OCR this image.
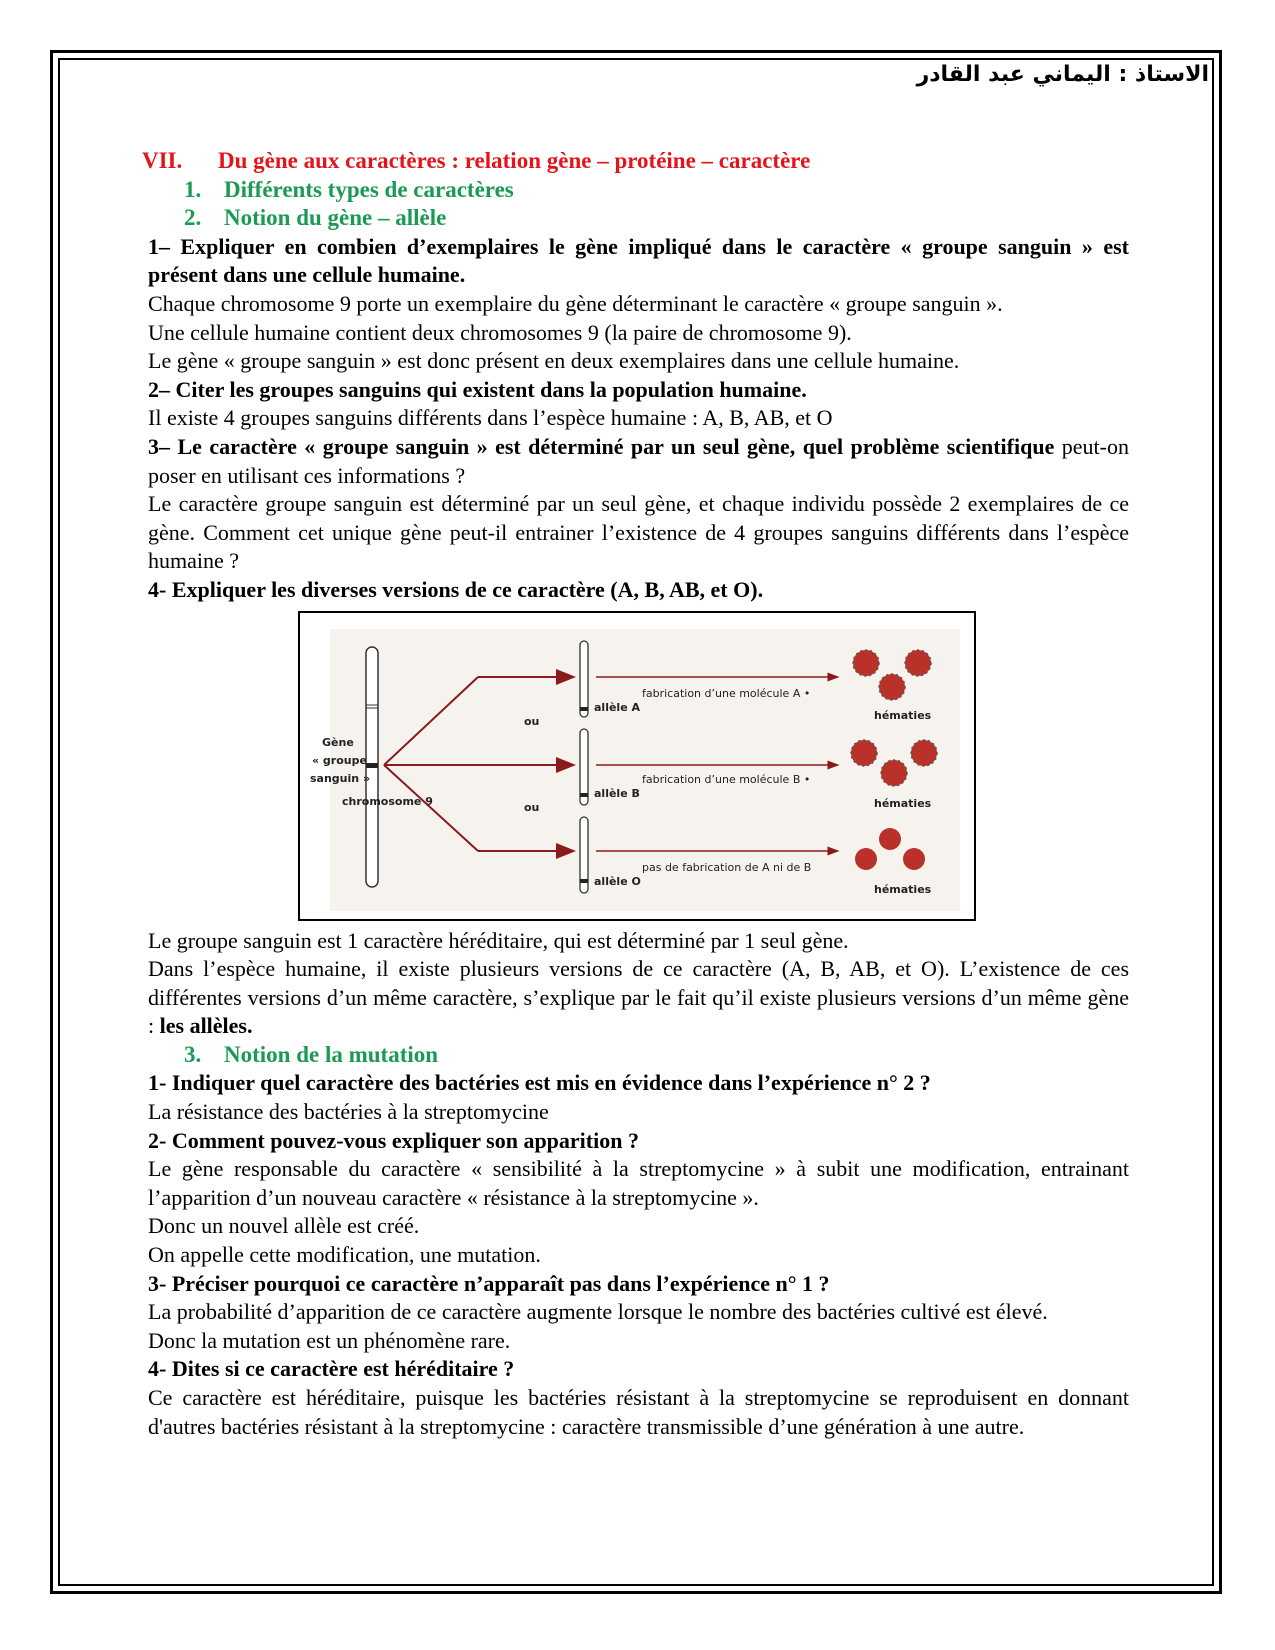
الاستاذ : اليماني عبد القادر

VII. Du gène aux caractères : relation gène – protéine – caractère

1. Différents types de caractères

2. Notion du gène – allèle

1– Expliquer en combien d’exemplaires le gène impliqué dans le caractère « groupe sanguin » est présent dans une cellule humaine.

Chaque chromosome 9 porte un exemplaire du gène déterminant le caractère « groupe sanguin ».

Une cellule humaine contient deux chromosomes 9 (la paire de chromosome 9).

Le gène « groupe sanguin » est donc présent en deux exemplaires dans une cellule humaine.

2– Citer les groupes sanguins qui existent dans la population humaine.

Il existe 4 groupes sanguins différents dans l’espèce humaine : A, B, AB, et O

3– Le caractère « groupe sanguin » est déterminé par un seul gène, quel problème scientifique peut-on poser en utilisant ces informations ?

Le caractère groupe sanguin est déterminé par un seul gène, et chaque individu possède 2 exemplaires de ce gène. Comment cet unique gène peut-il entrainer l’existence de 4 groupes sanguins différents dans l’espèce humaine ?

4- Expliquer les diverses versions de ce caractère (A, B, AB, et O).

Gène
« groupe
sanguin »
chromosome 9
ou
ou
allèle A
allèle B
allèle O
fabrication d’une molécule A •
fabrication d’une molécule B •
pas de fabrication de A ni de B
hématies
hématies
hématies

Le groupe sanguin est 1 caractère héréditaire, qui est déterminé par 1 seul gène.

Dans l’espèce humaine, il existe plusieurs versions de ce caractère (A, B, AB, et O). L’existence de ces différentes versions d’un même caractère, s’explique par le fait qu’il existe plusieurs versions d’un même gène : les allèles.

3. Notion de la mutation

1- Indiquer quel caractère des bactéries est mis en évidence dans l’expérience n° 2 ?

La résistance des bactéries à la streptomycine

2- Comment pouvez-vous expliquer son apparition ?

Le gène responsable du caractère « sensibilité à la streptomycine » à subit une modification, entrainant l’apparition d’un nouveau caractère « résistance à la streptomycine ».

Donc un nouvel allèle est créé.

On appelle cette modification, une mutation.

3- Préciser pourquoi ce caractère n’apparaît pas dans l’expérience n° 1 ?

La probabilité d’apparition de ce caractère augmente lorsque le nombre des bactéries cultivé est élevé.

Donc la mutation est un phénomène rare.

4- Dites si ce caractère est héréditaire ?

Ce caractère est héréditaire, puisque les bactéries résistant à la streptomycine se reproduisent en donnant d'autres bactéries résistant à la streptomycine : caractère transmissible d’une génération à une autre.
